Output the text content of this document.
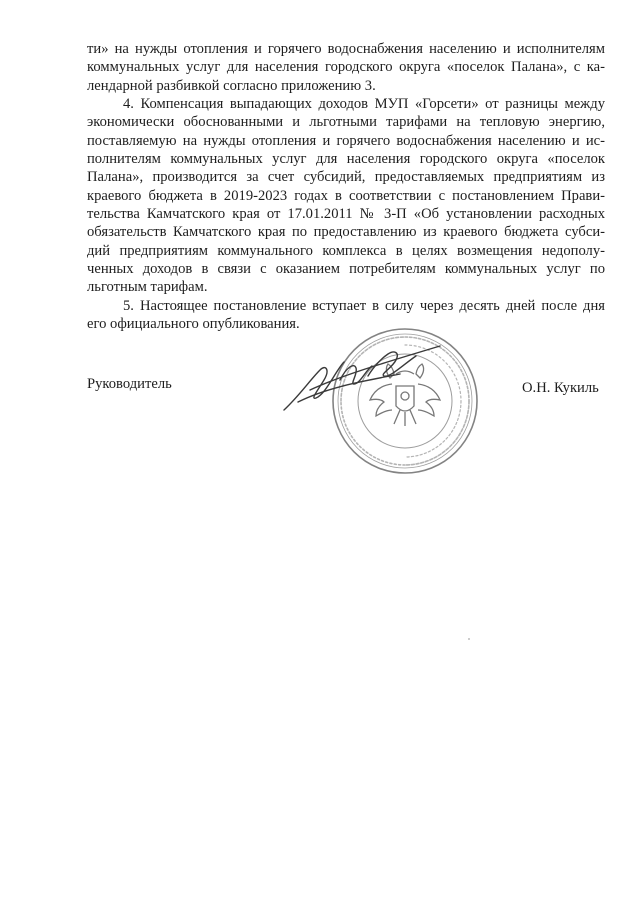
ти» на нужды отопления и горячего водоснабжения населению и исполнителям
коммунальных услуг для населения городского округа «поселок Палана», с ка-
лендарной разбивкой согласно приложению 3.

4. Компенсация выпадающих доходов МУП «Горсети» от разницы между
экономически обоснованными и льготными тарифами на тепловую энергию,
поставляемую на нужды отопления и горячего водоснабжения населению и ис-
полнителям коммунальных услуг для населения городского округа «поселок
Палана», производится за счет субсидий, предоставляемых предприятиям из
краевого бюджета в 2019-2023 годах в соответствии с постановлением Прави-
тельства Камчатского края от 17.01.2011 № 3-П «Об установлении расходных
обязательств Камчатского края по предоставлению из краевого бюджета субси-
дий предприятиям коммунального комплекса в целях возмещения недополу-
ченных доходов в связи с оказанием потребителям коммунальных услуг по
льготным тарифам.

5. Настоящее постановление вступает в силу через десять дней после дня
его официального опубликования.

Руководитель	О.Н. Кукиль
